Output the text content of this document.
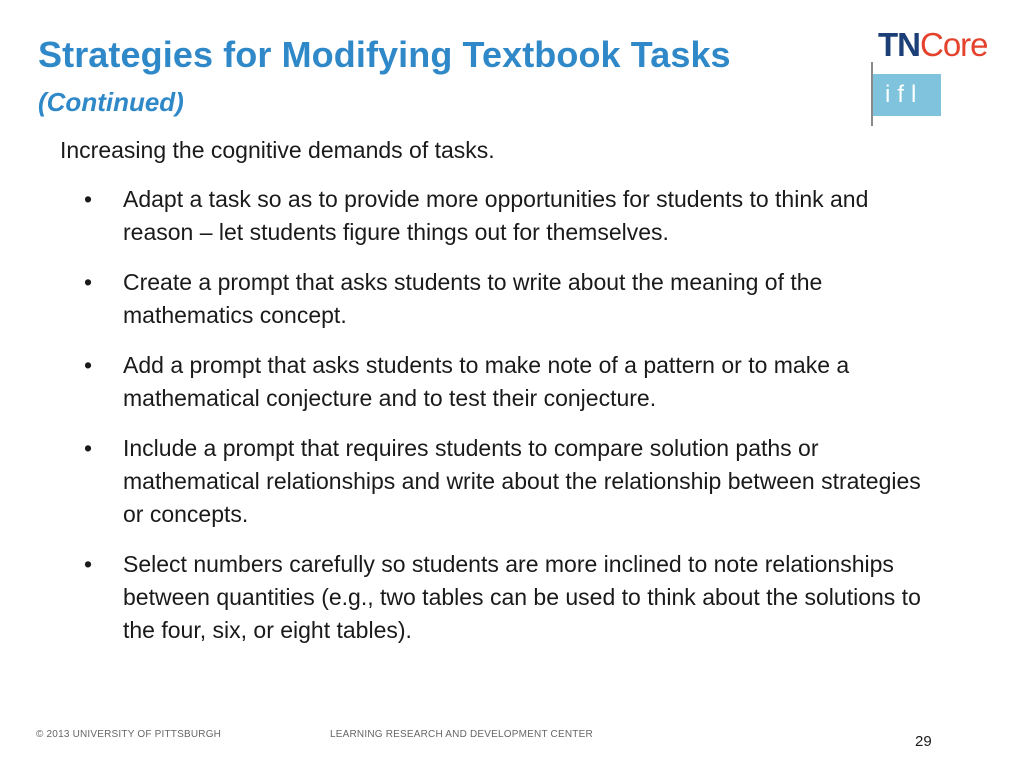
Strategies for Modifying Textbook Tasks
(Continued)
TNCore
ifl
Increasing the cognitive demands of tasks.
• Adapt a task so as to provide more opportunities for students to think and reason – let students figure things out for themselves.
• Create a prompt that asks students to write about the meaning of the mathematics concept.
• Add a prompt that asks students to make note of a pattern or to make a mathematical conjecture and to test their conjecture.
• Include a prompt that requires students to compare solution paths or mathematical relationships and write about the relationship between strategies or concepts.
• Select numbers carefully so students are more inclined to note relationships between quantities (e.g., two tables can be used to think about the solutions to the four, six, or eight tables).
© 2013 UNIVERSITY OF PITTSBURGH	LEARNING RESEARCH AND DEVELOPMENT CENTER	29
